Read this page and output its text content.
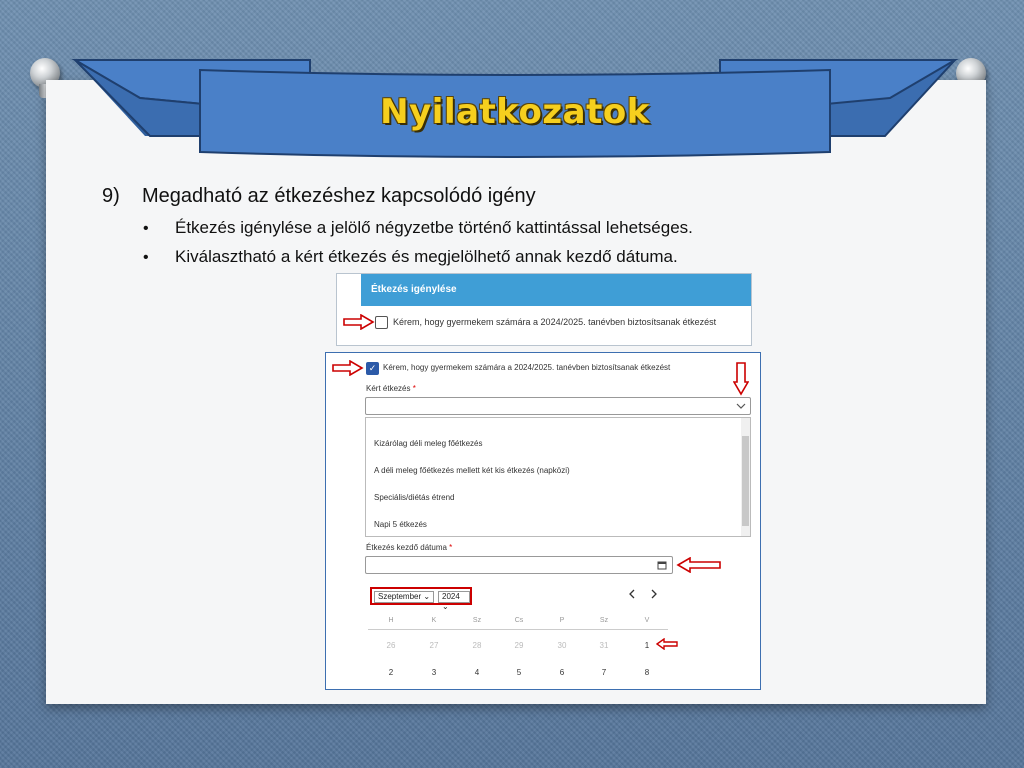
Nyilatkozatok
9) Megadható az étkezéshez kapcsolódó igény
• Étkezés igénylése a jelölő négyzetbe történő kattintással lehetséges.
• Kiválasztható a kért étkezés és megjelölhető annak kezdő dátuma.
Étkezés igénylése
Kérem, hogy gyermekem számára a 2024/2025. tanévben biztosítsanak étkezést
✓ Kérem, hogy gyermekem számára a 2024/2025. tanévben biztosítsanak étkezést
Kért étkezés *
Kizárólag déli meleg főétkezés
A déli meleg főétkezés mellett két kis étkezés (napközi)
Speciális/diétás étrend
Napi 5 étkezés
Étkezés kezdő dátuma *
Szeptember ⌄	2024 ⌄
H	K	Sz	Cs	P	Sz	V
26	27	28	29	30	31	1
2	3	4	5	6	7	8
